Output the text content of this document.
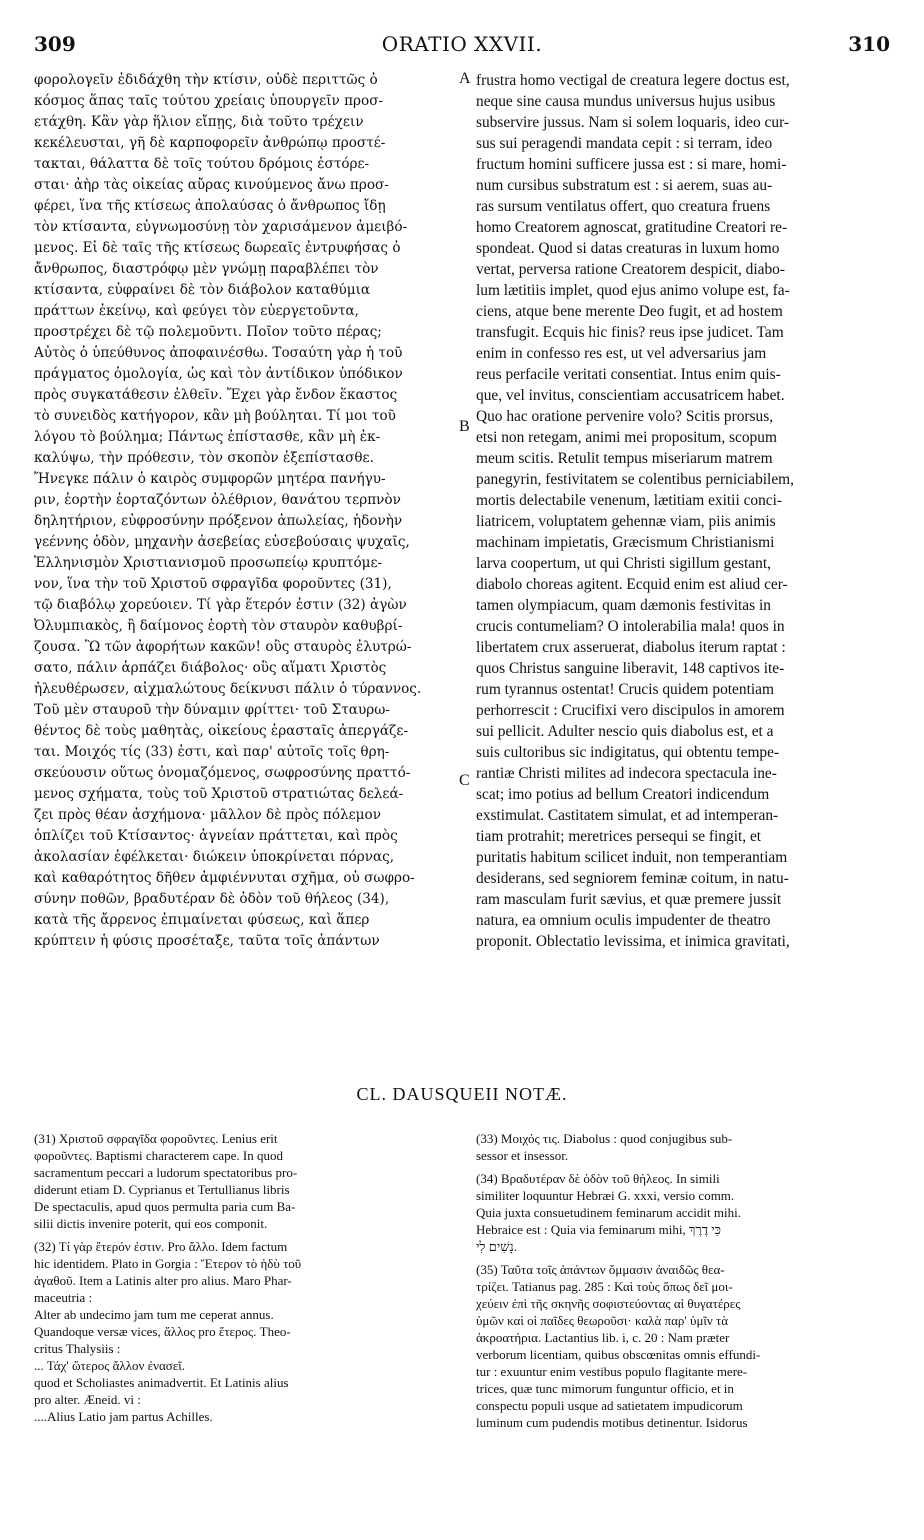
309	ORATIO XXVII.	310
φορολογεῖν ἐδιδάχθη τὴν κτίσιν, οὐδὲ περιττῶς ὁ
κόσμος ἅπας ταῖς τούτου χρείαις ὑπουργεῖν προσ-
ετάχθη. Κἂν γὰρ ἥλιον εἴπῃς, διὰ τοῦτο τρέχειν
κεκέλευσται, γῆ δὲ καρποφορεῖν ἀνθρώπῳ προστέ-
τακται, θάλαττα δὲ τοῖς τούτου δρόμοις ἐστόρε-
σται· ἀὴρ τὰς οἰκείας αὔρας κινούμενος ἄνω προσ-
φέρει, ἵνα τῆς κτίσεως ἀπολαύσας ὁ ἄνθρωπος ἴδῃ
τὸν κτίσαντα, εὐγνωμοσύνῃ τὸν χαρισάμενον ἀμειβό-
μενος. Εἰ δὲ ταῖς τῆς κτίσεως δωρεαῖς ἐντρυφήσας ὁ
ἄνθρωπος, διαστρόφῳ μὲν γνώμῃ παραβλέπει τὸν
κτίσαντα, εὐφραίνει δὲ τὸν διάβολον καταθύμια
πράττων ἐκείνῳ, καὶ φεύγει τὸν εὐεργετοῦντα,
προστρέχει δὲ τῷ πολεμοῦντι. Ποῖον τοῦτο πέρας;
Αὐτὸς ὁ ὑπεύθυνος ἀποφαινέσθω. Τοσαύτη γὰρ ἡ τοῦ
πράγματος ὁμολογία, ὡς καὶ τὸν ἀντίδικον ὑπόδικον
πρὸς συγκατάθεσιν ἐλθεῖν. Ἔχει γὰρ ἔνδον ἕκαστος
τὸ συνειδὸς κατήγορον, κἂν μὴ βούληται. Τί μοι τοῦ
λόγου τὸ βούλημα; Πάντως ἐπίστασθε, κἂν μὴ ἐκ-
καλύψω, τὴν πρόθεσιν, τὸν σκοπὸν ἐξεπίστασθε.
Ἤνεγκε πάλιν ὁ καιρὸς συμφορῶν μητέρα πανήγυ-
ριν, ἑορτὴν ἑορταζόντων ὀλέθριον, θανάτου τερπνὸν
δηλητήριον, εὐφροσύνην πρόξενον ἀπωλείας, ἡδονὴν
γεέννης ὁδὸν, μηχανὴν ἀσεβείας εὐσεβούσαις ψυχαῖς,
Ἑλληνισμὸν Χριστιανισμοῦ προσωπείῳ κρυπτόμε-
νον, ἵνα τὴν τοῦ Χριστοῦ σφραγῖδα φοροῦντες (31),
τῷ διαβόλῳ χορεύοιεν. Τί γὰρ ἕτερόν ἐστιν (32) ἀγὼν
Ὀλυμπιακὸς, ἢ δαίμονος ἑορτὴ τὸν σταυρὸν καθυβρί-
ζουσα. Ὢ τῶν ἀφορήτων κακῶν! οὓς σταυρὸς ἐλυτρώ-
σατο, πάλιν ἁρπάζει διάβολος· οὓς αἵματι Χριστὸς
ἠλευθέρωσεν, αἰχμαλώτους δείκνυσι πάλιν ὁ τύραννος.
Τοῦ μὲν σταυροῦ τὴν δύναμιν φρίττει· τοῦ Σταυρω-
θέντος δὲ τοὺς μαθητὰς, οἰκείους ἑρασταῖς ἀπεργάζε-
ται. Μοιχός τίς (33) ἐστι, καὶ παρ' αὐτοῖς τοῖς θρη-
σκεύουσιν οὕτως ὀνομαζόμενος, σωφροσύνης πραττό-
μενος σχήματα, τοὺς τοῦ Χριστοῦ στρατιώτας δελεά-
ζει πρὸς θέαν ἀσχήμονα· μᾶλλον δὲ πρὸς πόλεμον
ὁπλίζει τοῦ Κτίσαντος· ἁγνείαν πράττεται, καὶ πρὸς
ἀκολασίαν ἐφέλκεται· διώκειν ὑποκρίνεται πόρνας,
καὶ καθαρότητος δῆθεν ἀμφιέννυται σχῆμα, οὐ σωφρο-
σύνην ποθῶν, βραδυτέραν δὲ ὁδὸν τοῦ θήλεος (34),
κατὰ τῆς ἄρρενος ἐπιμαίνεται φύσεως, καὶ ἅπερ
κρύπτειν ἡ φύσις προσέταξε, ταῦτα τοῖς ἁπάντων
A
B
C
frustra homo vectigal de creatura legere doctus est,
neque sine causa mundus universus hujus usibus
subservire jussus. Nam si solem loquaris, ideo cur-
sus sui peragendi mandata cepit : si terram, ideo
fructum homini sufficere jussa est : si mare, homi-
num cursibus substratum est : si aerem, suas au-
ras sursum ventilatus offert, quo creatura fruens
homo Creatorem agnoscat, gratitudine Creatori re-
spondeat. Quod si datas creaturas in luxum homo
vertat, perversa ratione Creatorem despicit, diabo-
lum lætitiis implet, quod ejus animo volupe est, fa-
ciens, atque bene merente Deo fugit, et ad hostem
transfugit. Ecquis hic finis? reus ipse judicet. Tam
enim in confesso res est, ut vel adversarius jam
reus perfacile veritati consentiat. Intus enim quis-
que, vel invitus, conscientiam accusatricem habet.
Quo hac oratione pervenire volo? Scitis prorsus,
etsi non retegam, animi mei propositum, scopum
meum scitis. Retulit tempus miseriarum matrem
panegyrin, festivitatem se colentibus perniciabilem,
mortis delectabile venenum, lætitiam exitii conci-
liatricem, voluptatem gehennæ viam, piis animis
machinam impietatis, Græcismum Christianismi
larva coopertum, ut qui Christi sigillum gestant,
diabolo choreas agitent. Ecquid enim est aliud cer-
tamen olympiacum, quam dæmonis festivitas in
crucis contumeliam? O intolerabilia mala! quos in
libertatem crux asseruerat, diabolus iterum raptat :
quos Christus sanguine liberavit, 148 captivos ite-
rum tyrannus ostentat! Crucis quidem potentiam
perhorrescit : Crucifixi vero discipulos in amorem
sui pellicit. Adulter nescio quis diabolus est, et a
suis cultoribus sic indigitatus, qui obtentu tempe-
rantiæ Christi milites ad indecora spectacula ine-
scat; imo potius ad bellum Creatori indicendum
exstimulat. Castitatem simulat, et ad intemperan-
tiam protrahit; meretrices persequi se fingit, et
puritatis habitum scilicet induit, non temperantiam
desiderans, sed segniorem feminæ coitum, in natu-
ram masculam furit sævius, et quæ premere jussit
natura, ea omnium oculis impudenter de theatro
proponit. Oblectatio levissima, et inimica gravitati,
CL. DAUSQUEII NOTÆ.
(31) Χριστοῦ σφραγῖδα φοροῦντες. Lenius erit
φοροῦντες. Baptismi characterem cape. In quod
sacramentum peccari a ludorum spectatoribus pro-
diderunt etiam D. Cyprianus et Tertullianus libris
De spectaculis, apud quos permulta paria cum Ba-
silii dictis invenire poterit, qui eos componit.
(32) Τί γὰρ ἕτερόν ἐστιν. Pro ἄλλο. Idem factum
hic identidem. Plato in Gorgia : Ἕτερον τὸ ἡδὺ τοῦ
ἀγαθοῦ. Item a Latinis alter pro alius. Maro Phar-
maceutria :
Alter ab undecimo jam tum me ceperat annus.
Quandoque versæ vices, ἄλλος pro ἕτερος. Theo-
critus Thalysiis :
... Τάχ' ὥτερος ἄλλον ἐνασεῖ.
quod et Scholiastes animadvertit. Et Latinis alius
pro alter. Æneid. vi :
....Alius Latio jam partus Achilles.
(33) Μοιχός τις. Diabolus : quod conjugibus sub-
sessor et insessor.
(34) Βραδυτέραν δὲ ὁδὸν τοῦ θήλεος. In simili
similiter loquuntur Hebræi G. xxxi, versio comm.
Quia juxta consuetudinem feminarum accidit mihi.
Hebraice est : Quia via feminarum mihi, כִּי דֶרֶךְ
נָשִׁים לִי.
(35) Ταῦτα τοῖς ἁπάντων ὄμμασιν ἀναιδῶς θεα-
τρίζει. Tatianus pag. 285 : Καὶ τοὺς ὅπως δεῖ μοι-
χεύειν ἐπὶ τῆς σκηνῆς σοφιστεύοντας αἱ θυγατέρες
ὑμῶν καὶ οἱ παῖδες θεωροῦσι· καλὰ παρ' ὑμῖν τὰ
ἀκροατήρια. Lactantius lib. i, c. 20 : Nam præter
verborum licentiam, quibus obscœnitas omnis effundi-
tur : exuuntur enim vestibus populo flagitante mere-
trices, quæ tunc mimorum funguntur officio, et in
conspectu populi usque ad satietatem impudicorum
luminum cum pudendis motibus detinentur. Isidorus
